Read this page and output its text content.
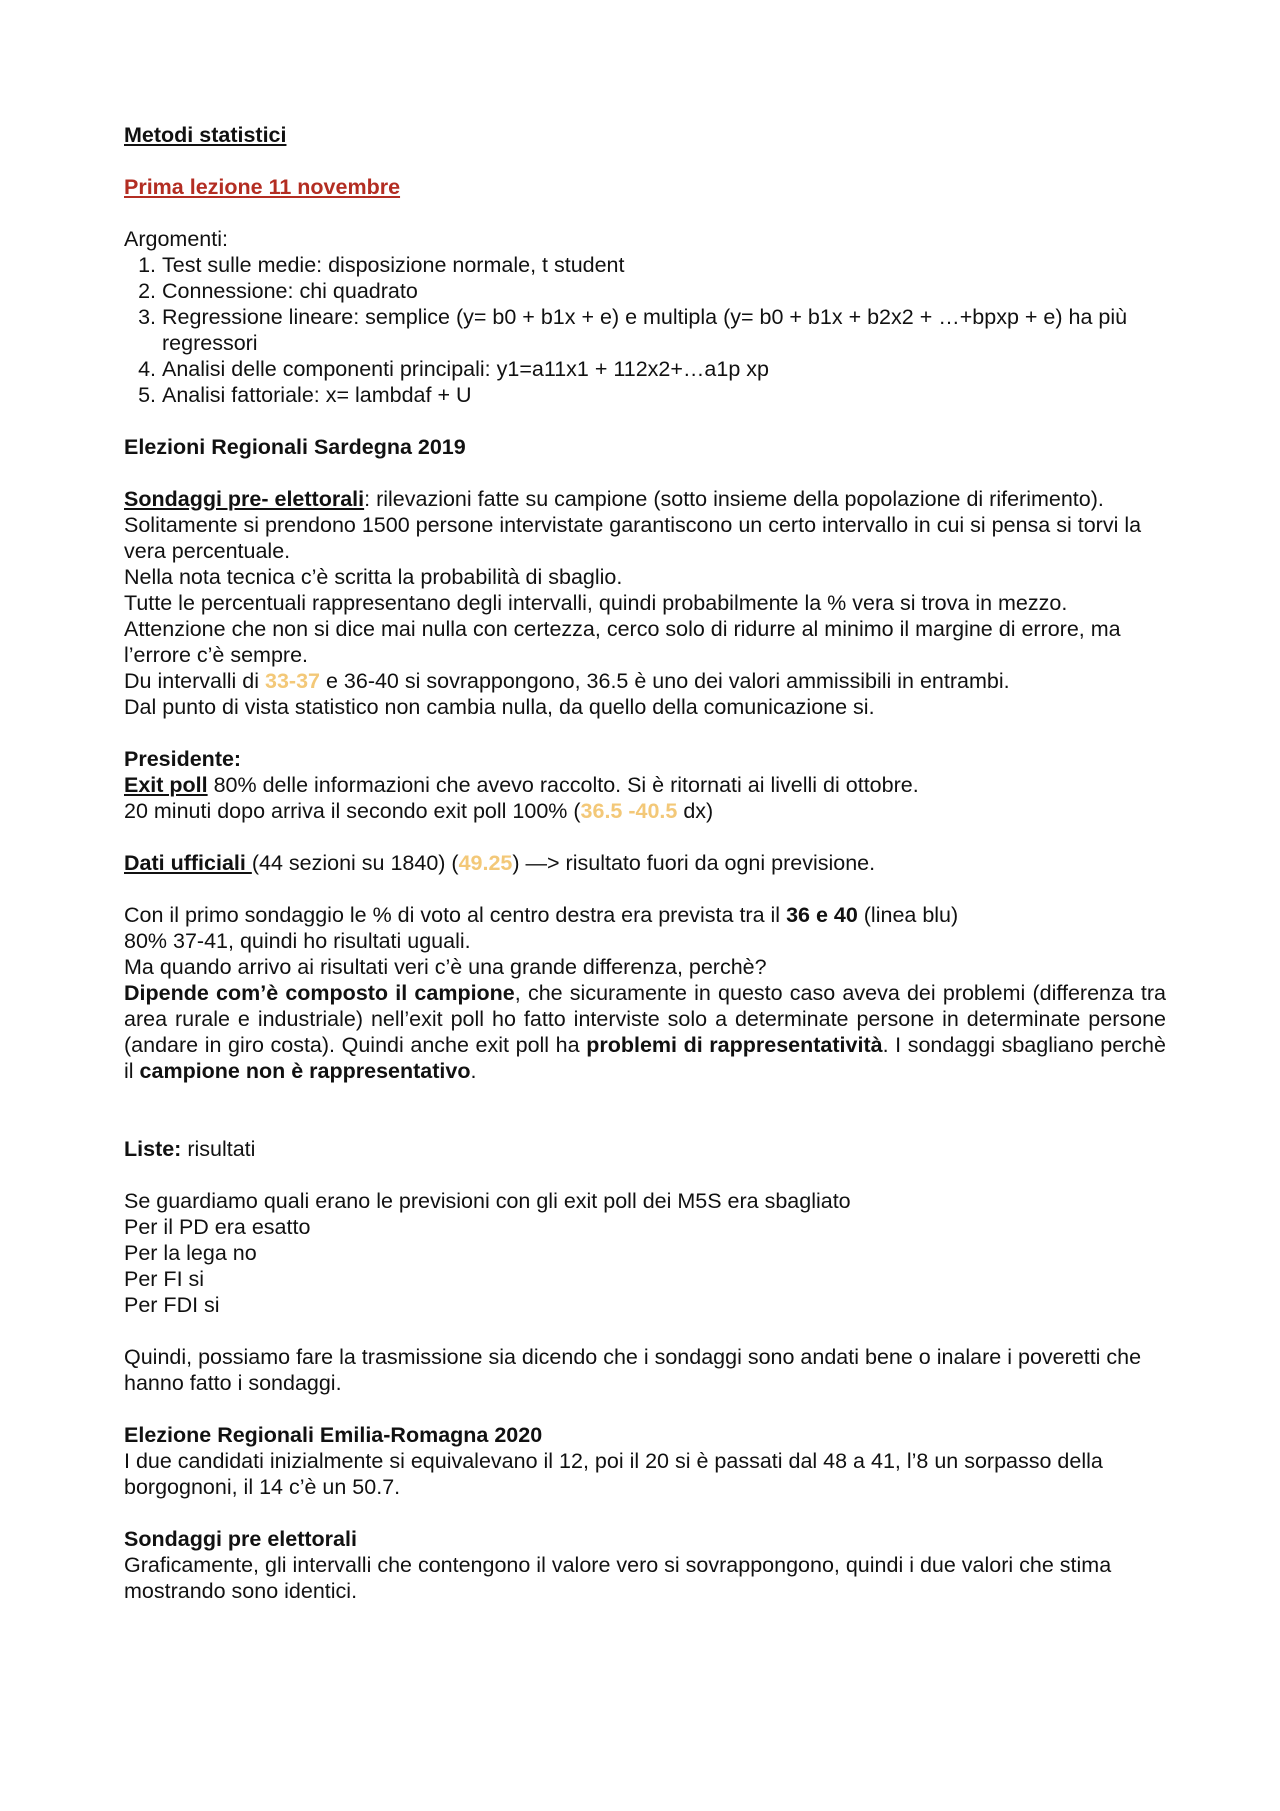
Metodi statistici

Prima lezione 11 novembre

Argomenti:

1. Test sulle medie: disposizione normale, t student
2. Connessione: chi quadrato
3. Regressione lineare: semplice (y= b0 + b1x + e) e multipla (y= b0 + b1x + b2x2 + …+bpxp + e) ha più regressori
4. Analisi delle componenti principali: y1=a11x1 + 112x2+…a1p xp
5. Analisi fattoriale: x= lambdaf + U

Elezioni Regionali Sardegna 2019

Sondaggi pre- elettorali: rilevazioni fatte su campione (sotto insieme della popolazione di riferimento). Solitamente si prendono 1500 persone intervistate garantiscono un certo intervallo in cui si pensa si torvi la vera percentuale.

Nella nota tecnica c’è scritta la probabilità di sbaglio.

Tutte le percentuali rappresentano degli intervalli, quindi probabilmente la % vera si trova in mezzo. Attenzione che non si dice mai nulla con certezza, cerco solo di ridurre al minimo il margine di errore, ma l’errore c’è sempre.

Du intervalli di 33-37 e 36-40 si sovrappongono, 36.5 è uno dei valori ammissibili in entrambi.

Dal punto di vista statistico non cambia nulla, da quello della comunicazione si.

Presidente:

Exit poll 80% delle informazioni che avevo raccolto. Si è ritornati ai livelli di ottobre.

20 minuti dopo arriva il secondo exit poll 100% (36.5 -40.5 dx)

Dati ufficiali (44 sezioni su 1840) (49.25) —> risultato fuori da ogni previsione.

Con il primo sondaggio le % di voto al centro destra era prevista tra il 36 e 40 (linea blu)

80% 37-41, quindi ho risultati uguali.

Ma quando arrivo ai risultati veri c’è una grande differenza, perchè?

Dipende com’è composto il campione, che sicuramente in questo caso aveva dei problemi (differenza tra area rurale e industriale) nell’exit poll ho fatto interviste solo a determinate persone in determinate persone (andare in giro costa). Quindi anche exit poll ha problemi di rappresentatività. I sondaggi sbagliano perchè il campione non è rappresentativo.

Liste: risultati

Se guardiamo quali erano le previsioni con gli exit poll dei M5S era sbagliato

Per il PD era esatto

Per la lega no

Per FI si

Per FDI si

Quindi, possiamo fare la trasmissione sia dicendo che i sondaggi sono andati bene o inalare i poveretti che hanno fatto i sondaggi.

Elezione Regionali Emilia-Romagna 2020

I due candidati inizialmente si equivalevano il 12, poi il 20 si è passati dal 48 a 41, l’8 un sorpasso della borgognoni, il 14 c’è un 50.7.

Sondaggi pre elettorali

Graficamente, gli intervalli che contengono il valore vero si sovrappongono, quindi i due valori che stima mostrando sono identici.
